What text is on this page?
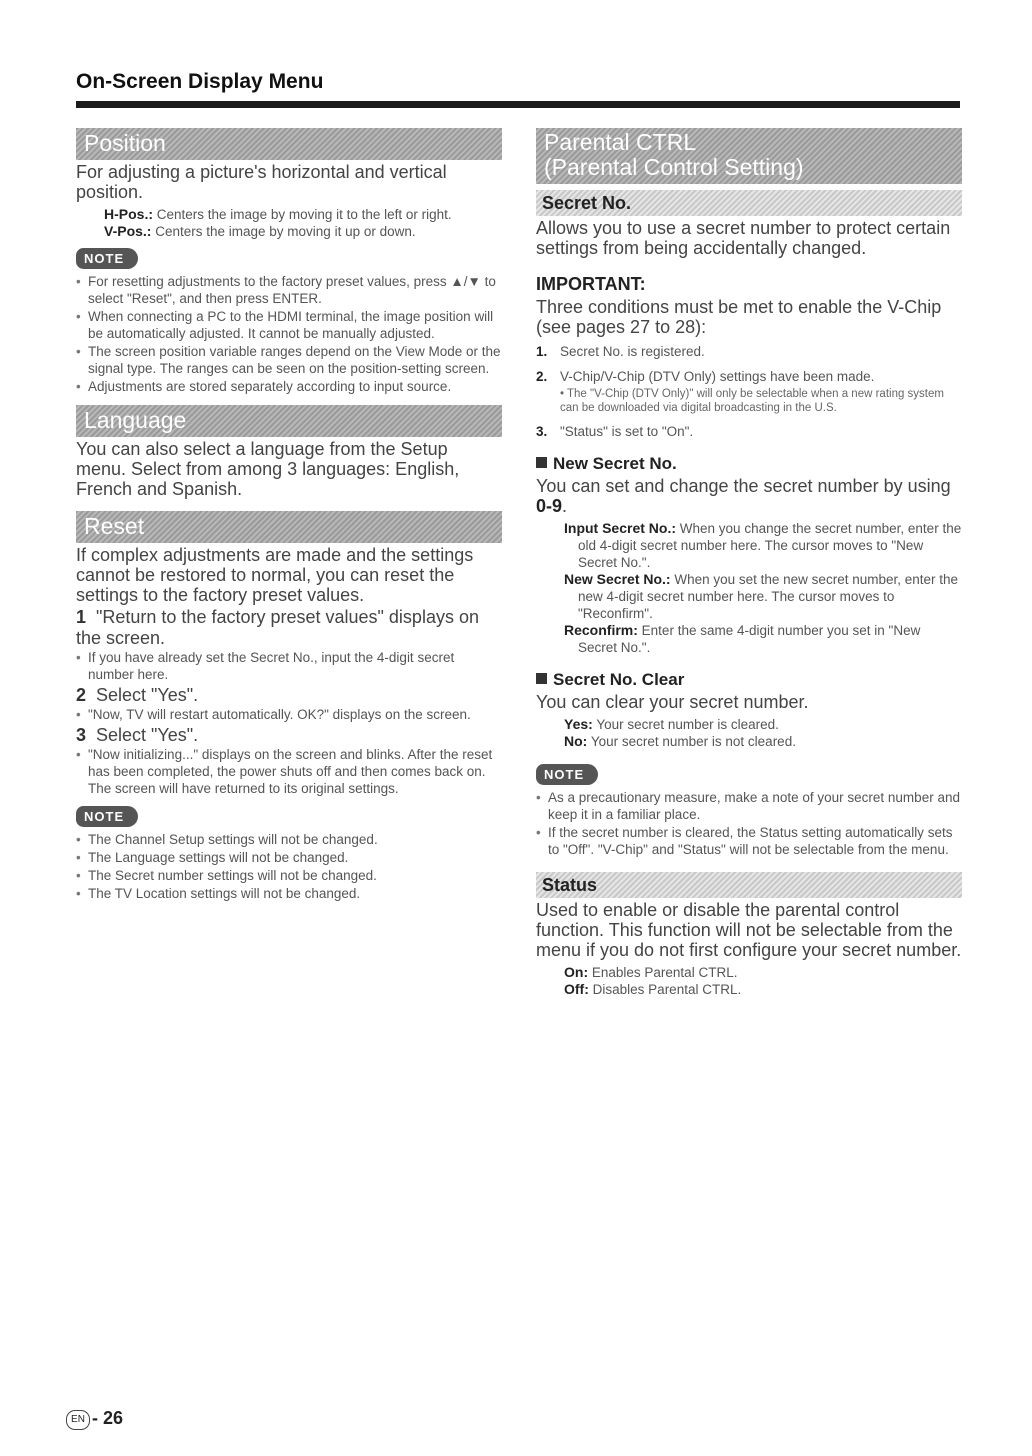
On-Screen Display Menu
Position

For adjusting a picture's horizontal and vertical position.

H-Pos.: Centers the image by moving it to the left or right.
V-Pos.: Centers the image by moving it up or down.
NOTE
• For resetting adjustments to the factory preset values, press ▲/▼ to select "Reset", and then press ENTER.
• When connecting a PC to the HDMI terminal, the image position will be automatically adjusted. It cannot be manually adjusted.
• The screen position variable ranges depend on the View Mode or the signal type. The ranges can be seen on the position-setting screen.
• Adjustments are stored separately according to input source.
Language

You can also select a language from the Setup menu. Select from among 3 languages: English, French and Spanish.

Reset

If complex adjustments are made and the settings cannot be restored to normal, you can reset the settings to the factory preset values.

1 "Return to the factory preset values" displays on the screen.
• If you have already set the Secret No., input the 4-digit secret number here.
2 Select "Yes".
• "Now, TV will restart automatically. OK?" displays on the screen.
3 Select "Yes".
• "Now initializing..." displays on the screen and blinks. After the reset has been completed, the power shuts off and then comes back on. The screen will have returned to its original settings.
NOTE
• The Channel Setup settings will not be changed.
• The Language settings will not be changed.
• The Secret number settings will not be changed.
• The TV Location settings will not be changed.
Parental CTRL
(Parental Control Setting)
Secret No.

Allows you to use a secret number to protect certain settings from being accidentally changed.

IMPORTANT:

Three conditions must be met to enable the V-Chip (see pages 27 to 28):

1. Secret No. is registered.
2. V-Chip/V-Chip (DTV Only) settings have been made.
• The "V-Chip (DTV Only)" will only be selectable when a new rating system can be downloaded via digital broadcasting in the U.S.
3. "Status" is set to "On".
New Secret No.

You can set and change the secret number by using 0-9.

Input Secret No.: When you change the secret number, enter the old 4-digit secret number here. The cursor moves to "New Secret No.".
New Secret No.: When you set the new secret number, enter the new 4-digit secret number here. The cursor moves to "Reconfirm".
Reconfirm: Enter the same 4-digit number you set in "New Secret No.".
Secret No. Clear

You can clear your secret number.

Yes: Your secret number is cleared.
No: Your secret number is not cleared.
NOTE
• As a precautionary measure, make a note of your secret number and keep it in a familiar place.
• If the secret number is cleared, the Status setting automatically sets to "Off". "V-Chip" and "Status" will not be selectable from the menu.
Status

Used to enable or disable the parental control function. This function will not be selectable from the menu if you do not first configure your secret number.

On: Enables Parental CTRL.
Off: Disables Parental CTRL.
EN - 26
